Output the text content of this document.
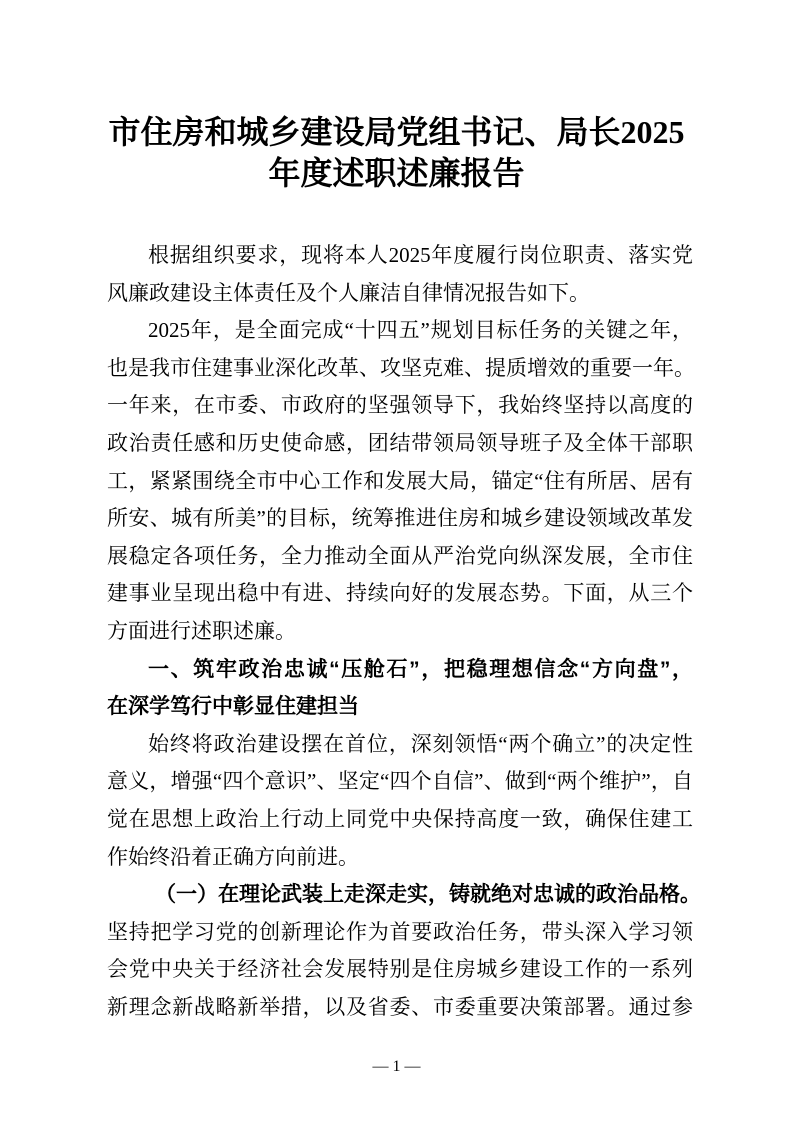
市住房和城乡建设局党组书记、局长2025
年度述职述廉报告
根据组织要求，现将本人2025年度履行岗位职责、落实党
风廉政建设主体责任及个人廉洁自律情况报告如下。
2025年，是全面完成“十四五”规划目标任务的关键之年，
也是我市住建事业深化改革、攻坚克难、提质增效的重要一年。
一年来，在市委、市政府的坚强领导下，我始终坚持以高度的
政治责任感和历史使命感，团结带领局领导班子及全体干部职
工，紧紧围绕全市中心工作和发展大局，锚定“住有所居、居有
所安、城有所美”的目标，统筹推进住房和城乡建设领域改革发
展稳定各项任务，全力推动全面从严治党向纵深发展，全市住
建事业呈现出稳中有进、持续向好的发展态势。下面，从三个
方面进行述职述廉。
一、筑牢政治忠诚“压舱石”，把稳理想信念“方向盘”，
在深学笃行中彰显住建担当
始终将政治建设摆在首位，深刻领悟“两个确立”的决定性
意义，增强“四个意识”、坚定“四个自信”、做到“两个维护”，自
觉在思想上政治上行动上同党中央保持高度一致，确保住建工
作始终沿着正确方向前进。
（一）在理论武装上走深走实，铸就绝对忠诚的政治品格。
坚持把学习党的创新理论作为首要政治任务，带头深入学习领
会党中央关于经济社会发展特别是住房城乡建设工作的一系列
新理念新战略新举措，以及省委、市委重要决策部署。通过参
— 1 —
